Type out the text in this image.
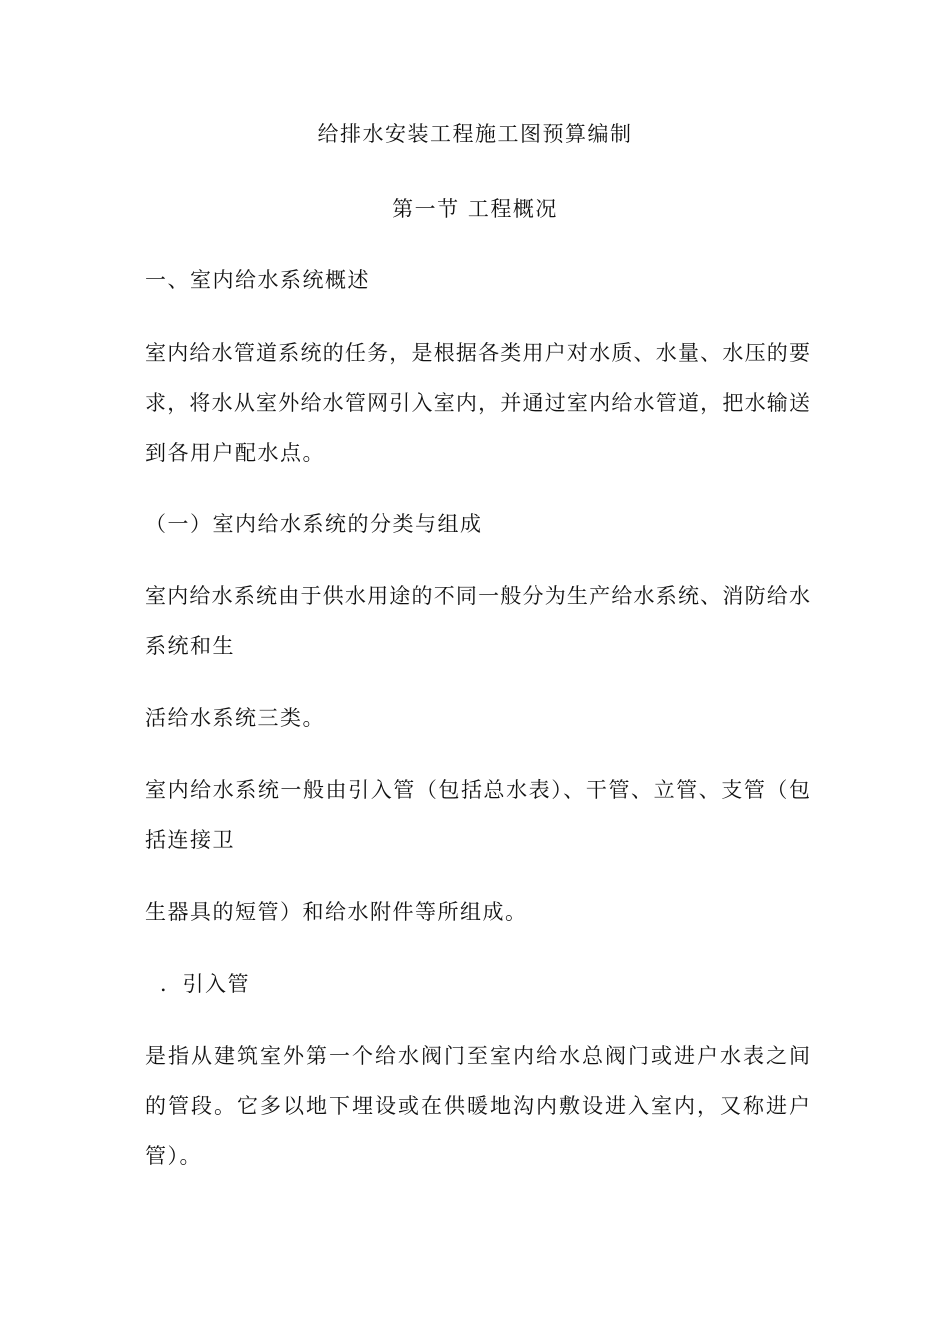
给排水安装工程施工图预算编制
第一节 工程概况
一、室内给水系统概述
室内给水管道系统的任务，是根据各类用户对水质、水量、水压的要
求，将水从室外给水管网引入室内，并通过室内给水管道，把水输送
到各用户配水点。
（一）室内给水系统的分类与组成
室内给水系统由于供水用途的不同一般分为生产给水系统、消防给水
系统和生
活给水系统三类。
室内给水系统一般由引入管（包括总水表）、干管、立管、支管（包
括连接卫
生器具的短管）和给水附件等所组成。
．引入管
是指从建筑室外第一个给水阀门至室内给水总阀门或进户水表之间
的管段。它多以地下埋设或在供暖地沟内敷设进入室内，又称进户
管）。
